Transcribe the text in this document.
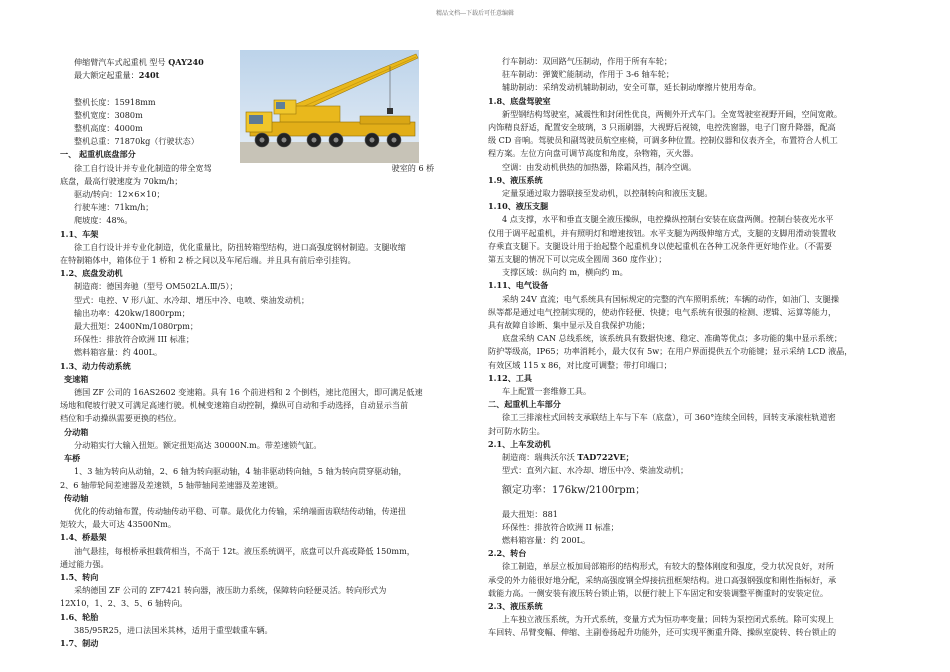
精品文档---下载后可任意编辑
伸缩臂汽车式起重机 型号 QAY240
最大额定起重量：240t

整机长度：15918mm
整机宽度：3080m
整机高度：4000m
整机总重：71870kg（行驶状态）
一、 起重机底盘部分
徐工自行设计并专业化制造的带全宽驾	驶室的 6 桥
底盘，最高行驶速度为 70km/h；
驱动/转向：12×6×10；
行驶车速：71km/h；
爬坡度：48%。
1.1、车架
徐工自行设计并专业化制造，优化重量比，防扭转箱型结构，进口高强度钢材制造。支腿收缩
在特制箱体中，箱体位于 1 桥和 2 桥之间以及车尾后端。并且具有前后牵引挂钩。
1.2、底盘发动机
制造商：德国奔驰（型号 OM502LA.Ⅲ/5）；
型式：电控、V 形八缸、水冷却、增压中冷、电喷、柴油发动机；
输出功率：420kw/1800rpm；
最大扭矩：2400Nm/1080rpm；
环保性：排放符合欧洲 III 标准；
燃料箱容量：约 400L。
1.3、动力传动系统
变速箱
德国 ZF 公司的 16AS2602 变速箱。具有 16 个前进档和 2 个倒档，速比范围大，即可满足低速
场地和爬坡行驶又可满足高速行驶。机械变速箱自动控制，操纵可自动和手动选择，自动显示当前
档位和手动操纵需要更换的档位。
分动箱
分动箱实行大输入扭矩。额定扭矩高达 30000N.m。带差速锁气缸。
车桥
1、3 轴为转向从动轴，2、6 轴为转向驱动轴，4 轴非驱动转向轴，5 轴为转向贯穿驱动轴，
2、6 轴带轮间差速器及差速锁，5 轴带轴间差速器及差速锁。
传动轴
优化的传动轴布置，传动轴传动平稳、可靠。最优化力传输，采纳端面齿联结传动轴，传递扭
矩较大，最大可达 43500Nm。
1.4、桥悬架
油气悬挂，每根桥承担载荷相当，不高于 12t。液压系统调平，底盘可以升高或降低 150mm，
通过能力强。
1.5、转向
采纳德国 ZF 公司的 ZF7421 转向器，液压助力系统，保障转向轻便灵活。转向形式为
12X10，1、2、3、5、6 轴转向。
1.6、轮胎
385/95R25，进口法国米其林，适用于重型载重车辆。
1.7、制动
行车制动：双回路气压制动，作用于所有车轮；
驻车制动：弹簧贮能制动，作用于 3-6 轴车轮；
辅助制动：采纳发动机辅助制动，安全可靠，延长制动摩擦片使用寿命。
1.8、底盘驾驶室
新型钢结构驾驶室，减震性和封闭性优良，两侧外开式车门。全宽驾驶室视野开阔，空间宽敞。
内饰精良舒适，配置安全玻璃，3 只雨刷器，大视野后视镜，电控洗窗器，电子门窗升降器，配高
级 CD 音响。驾驶员和副驾驶员航空座椅，可调多种位置。控制仪器和仪表齐全，布置符合人机工
程方案。左位方向盘可调节高度和角度，杂物箱，灭火器。
空调：由发动机供热的加热器，除霜风挡，制冷空调。
1.9、液压系统
定量泵通过取力器联接至发动机，以控制转向和液压支腿。
1.10、液压支腿
4 点支撑，水平和垂直支腿全液压操纵，电控操纵控制台安装在底盘两侧。控制台装夜光水平
仪用于调平起重机，并有照明灯和增速按钮。水平支腿为两级伸缩方式，支腿的支脚用滑动装置收
存乘直支腿下。支腿设计用于抬起整个起重机身以使起重机在各种工况条件更好地作业。（不需要
第五支腿的情况下可以完成全圆周 360 度作业）；
支撑区域：纵向约 m，横向约 m。
1.11、电气设备
采纳 24V 直流；电气系统具有国标规定的完整的汽车照明系统；车辆的动作，如油门、支腿操
纵等都是通过电气控制实现的，使动作轻便、快捷；电气系统有很强的检测、逻辑、运算等能力，
具有故障自诊断、集中显示及自我保护功能；
底盘采纳 CAN 总线系统，该系统具有数据快速、稳定、准确等优点；多功能的集中显示系统；
防护等级高，IP65；功率消耗小，最大仅有 5w；在用户界面提供五个功能键；显示采纳 LCD 液晶，
有效区域 115 x 86，对比度可调整；带打印端口；
1.12、工具
车上配置一套维修工具。
二、起重机上车部分
徐工三排滚柱式回转支承联结上车与下车（底盘），可 360°连续全回转，回转支承滚柱轨道密
封可防水防尘。
2.1、上车发动机
制造商：瑞典沃尔沃 TAD722VE；
型式：直列六缸、水冷却、增压中冷、柴油发动机；
额定功率：176kw/2100rpm；
最大扭矩：881
环保性：排放符合欧洲 II 标准；
燃料箱容量：约 200L。
2.2、转台
徐工制造，单层立板加局部箱形的结构形式，有较大的整体刚度和强度，受力状况良好，对所
承受的外力能很好地分配，采纳高强度钢全焊接抗扭框架结构。进口高强钢强度和刚性指标好，承
载能力高。一侧安装有液压转台锁止销，以便行驶上下车固定和安装调整平衡重时的安装定位。
2.3、液压系统
上车独立液压系统，为开式系统，变量方式为恒功率变量；回转为泵控闭式系统。除可实现上
车回转、吊臂变幅、伸缩、主副卷扬起升功能外，还可实现平衡重升降、操纵室旋转、转台锁止的
